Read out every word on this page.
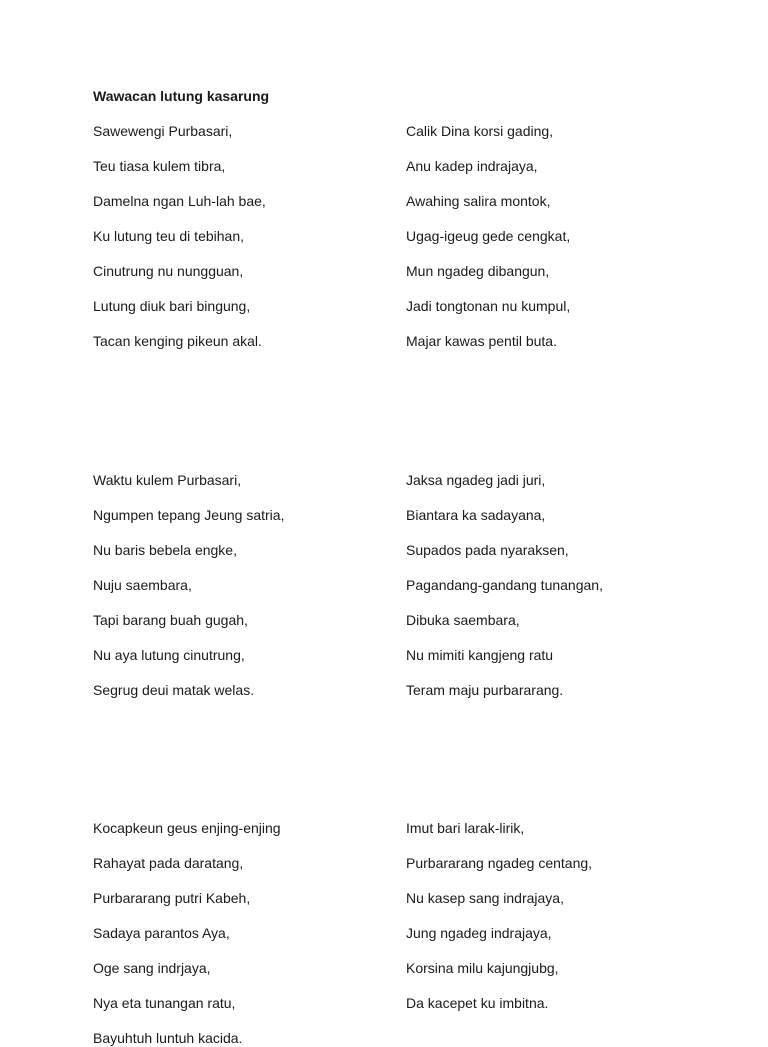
Wawacan lutung kasarung
Sawewengi Purbasari,
Teu tiasa kulem tibra,
Damelna ngan Luh-lah bae,
Ku lutung teu di tebihan,
Cinutrung nu nungguan,
Lutung diuk bari bingung,
Tacan kenging pikeun akal.
Waktu kulem Purbasari,
Ngumpen tepang Jeung satria,
Nu baris bebela engke,
Nuju saembara,
Tapi barang buah gugah,
Nu aya lutung cinutrung,
Segrug deui matak welas.
Kocapkeun geus enjing-enjing
Rahayat pada daratang,
Purbararang putri Kabeh,
Sadaya parantos Aya,
Oge sang indrjaya,
Nya eta tunangan ratu,
Bayuhtuh luntuh kacida.
Calik Dina korsi gading,
Anu kadep indrajaya,
Awahing salira montok,
Ugag-igeug gede cengkat,
Mun ngadeg dibangun,
Jadi tongtonan nu kumpul,
Majar kawas pentil buta.
Jaksa ngadeg jadi juri,
Biantara ka sadayana,
Supados pada nyaraksen,
Pagandang-gandang tunangan,
Dibuka saembara,
Nu mimiti kangjeng ratu
Teram maju purbararang.
Imut bari larak-lirik,
Purbararang ngadeg centang,
Nu kasep sang indrajaya,
Jung ngadeg indrajaya,
Korsina milu kajungjubg,
Da kacepet ku imbitna.
